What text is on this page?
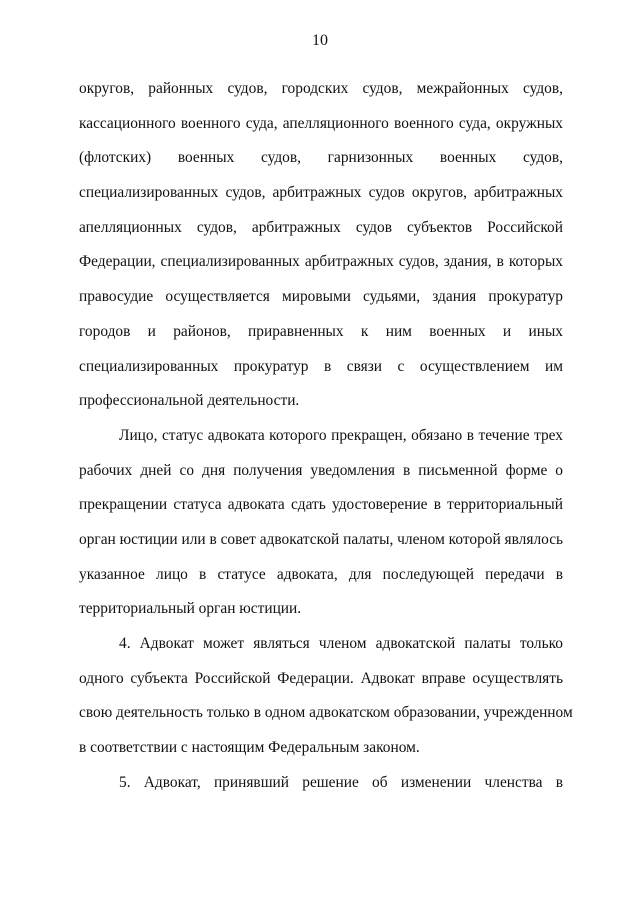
10
округов, районных судов, городских судов, межрайонных судов,
кассационного военного суда, апелляционного военного суда, окружных
(флотских) военных судов, гарнизонных военных судов,
специализированных судов, арбитражных судов округов, арбитражных
апелляционных судов, арбитражных судов субъектов Российской
Федерации, специализированных арбитражных судов, здания, в которых
правосудие осуществляется мировыми судьями, здания прокуратур
городов и районов, приравненных к ним военных и иных
специализированных прокуратур в связи с осуществлением им
профессиональной деятельности.
Лицо, статус адвоката которого прекращен, обязано в течение трех
рабочих дней со дня получения уведомления в письменной форме о
прекращении статуса адвоката сдать удостоверение в территориальный
орган юстиции или в совет адвокатской палаты, членом которой являлось
указанное лицо в статусе адвоката, для последующей передачи в
территориальный орган юстиции.
4. Адвокат может являться членом адвокатской палаты только
одного субъекта Российской Федерации. Адвокат вправе осуществлять
свою деятельность только в одном адвокатском образовании, учрежденном
в соответствии с настоящим Федеральным законом.
5. Адвокат, принявший решение об изменении членства в
